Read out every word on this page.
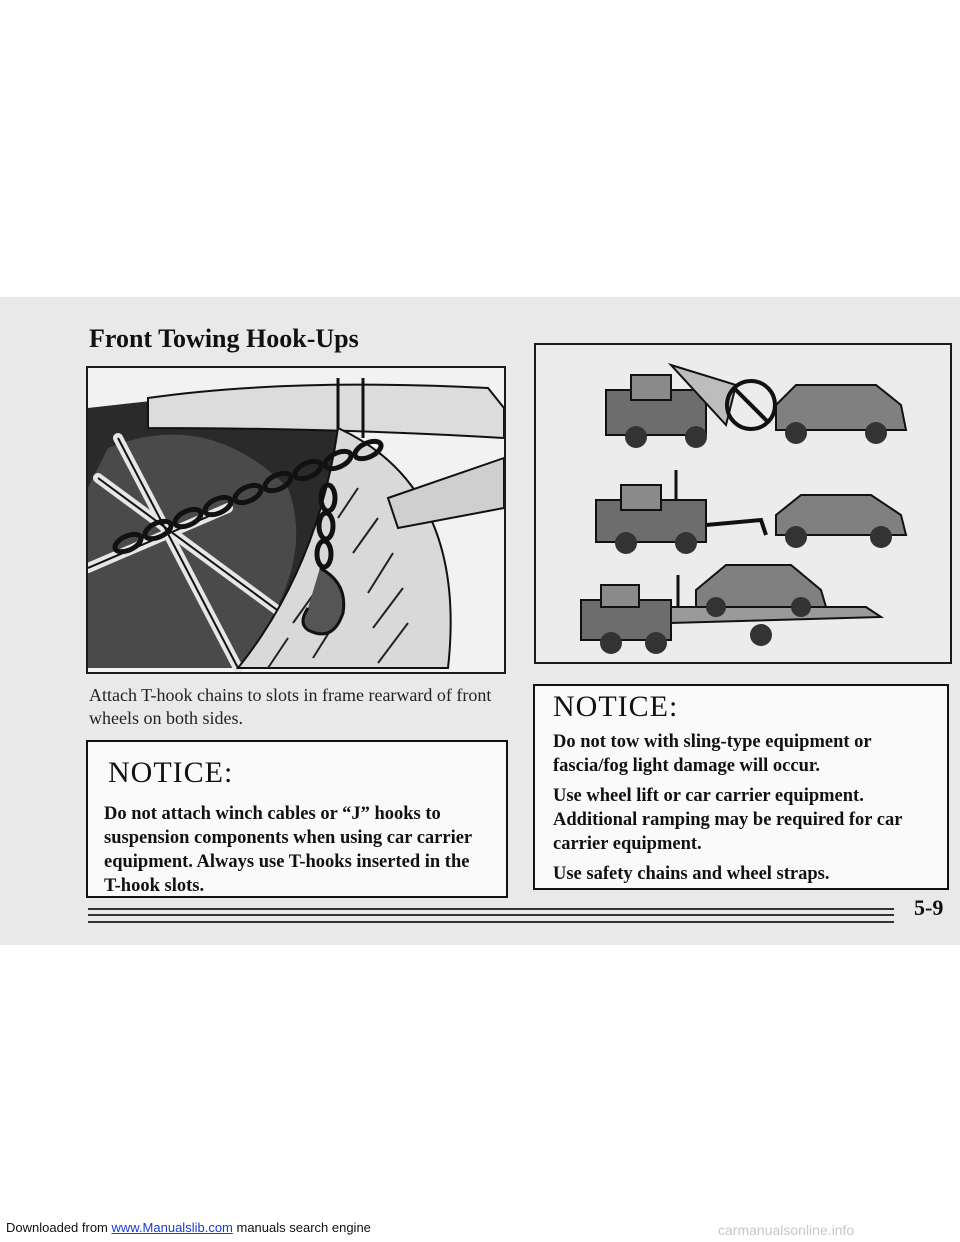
Front Towing Hook-Ups

Attach T-hook chains to slots in frame rearward of front wheels on both sides.

NOTICE:

Do not attach winch cables or “J” hooks to suspension components when using car carrier equipment. Always use T-hooks inserted in the T-hook slots.

NOTICE:

Do not tow with sling-type equipment or fascia/fog light damage will occur.

Use wheel lift or car carrier equipment. Additional ramping may be required for car carrier equipment.

Use safety chains and wheel straps.

5-9

Downloaded from www.Manualslib.com manuals search engine	carmanualsonline.info
